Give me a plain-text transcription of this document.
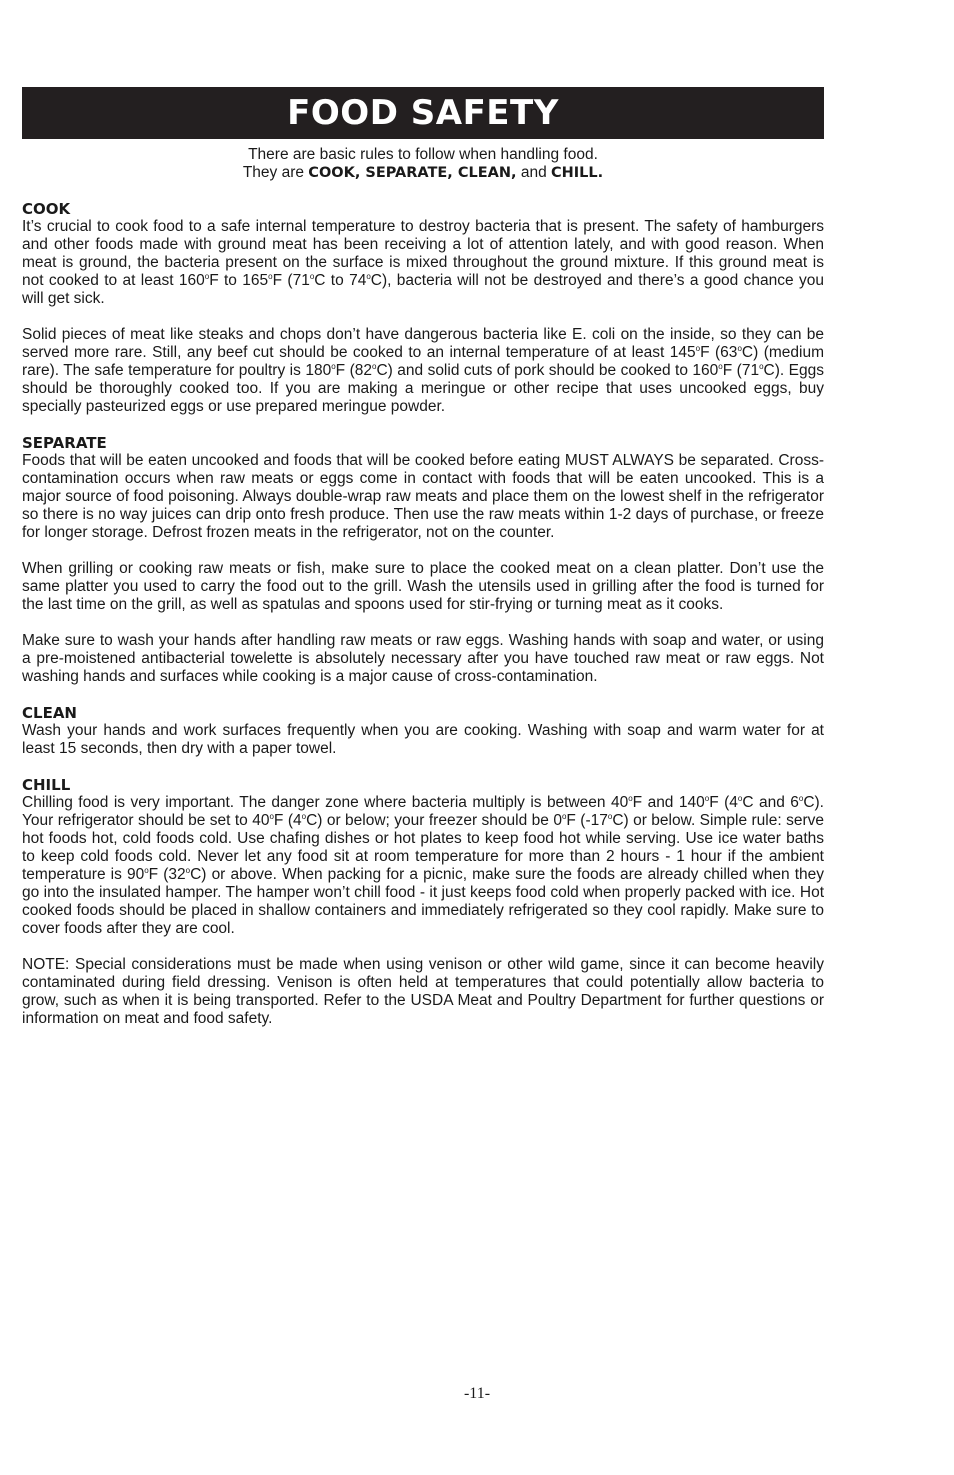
FOOD SAFETY
There are basic rules to follow when handling food.
They are COOK, SEPARATE, CLEAN, and CHILL.

COOK

It’s crucial to cook food to a safe internal temperature to destroy bacteria that is present. The safety of hamburgers and other foods made with ground meat has been receiving a lot of attention lately, and with good reason. When meat is ground, the bacteria present on the surface is mixed throughout the ground mixture. If this ground meat is not cooked to at least 160$^o$F to 165$^o$F (71$^o$C to 74$^o$C), bacteria will not be destroyed and there’s a good chance you will get sick.

Solid pieces of meat like steaks and chops don’t have dangerous bacteria like E. coli on the inside, so they can be served more rare. Still, any beef cut should be cooked to an internal temperature of at least 145$^o$F (63$^o$C) (medium rare). The safe temperature for poultry is 180$^o$F (82$^o$C) and solid cuts of pork should be cooked to 160$^o$F (71$^o$C). Eggs should be thoroughly cooked too. If you are making a meringue or other recipe that uses uncooked eggs, buy specially pasteurized eggs or use prepared meringue powder.

SEPARATE

Foods that will be eaten uncooked and foods that will be cooked before eating MUST ALWAYS be separated. Cross-contamination occurs when raw meats or eggs come in contact with foods that will be eaten uncooked. This is a major source of food poisoning. Always double-wrap raw meats and place them on the lowest shelf in the refrigerator so there is no way juices can drip onto fresh produce. Then use the raw meats within 1-2 days of purchase, or freeze for longer storage. Defrost frozen meats in the refrigerator, not on the counter.

When grilling or cooking raw meats or fish, make sure to place the cooked meat on a clean platter. Don’t use the same platter you used to carry the food out to the grill. Wash the utensils used in grilling after the food is turned for the last time on the grill, as well as spatulas and spoons used for stir-frying or turning meat as it cooks.

Make sure to wash your hands after handling raw meats or raw eggs. Washing hands with soap and water, or using a pre-moistened antibacterial towelette is absolutely necessary after you have touched raw meat or raw eggs. Not washing hands and surfaces while cooking is a major cause of cross-contamination.

CLEAN

Wash your hands and work surfaces frequently when you are cooking. Washing with soap and warm water for at least 15 seconds, then dry with a paper towel.

CHILL

Chilling food is very important. The danger zone where bacteria multiply is between 40$^o$F and 140$^o$F (4$^o$C and 6$^o$C). Your refrigerator should be set to 40$^o$F (4$^o$C) or below; your freezer should be 0$^o$F (-17$^o$C) or below. Simple rule: serve hot foods hot, cold foods cold. Use chafing dishes or hot plates to keep food hot while serving. Use ice water baths to keep cold foods cold. Never let any food sit at room temperature for more than 2 hours - 1 hour if the ambient temperature is 90$^o$F (32$^o$C) or above. When packing for a picnic, make sure the foods are already chilled when they go into the insulated hamper. The hamper won’t chill food - it just keeps food cold when properly packed with ice. Hot cooked foods should be placed in shallow containers and immediately refrigerated so they cool rapidly. Make sure to cover foods after they are cool.

NOTE: Special considerations must be made when using venison or other wild game, since it can become heavily contaminated during field dressing. Venison is often held at temperatures that could potentially allow bacteria to grow, such as when it is being transported. Refer to the USDA Meat and Poultry Department for further questions or information on meat and food safety.

-11-
